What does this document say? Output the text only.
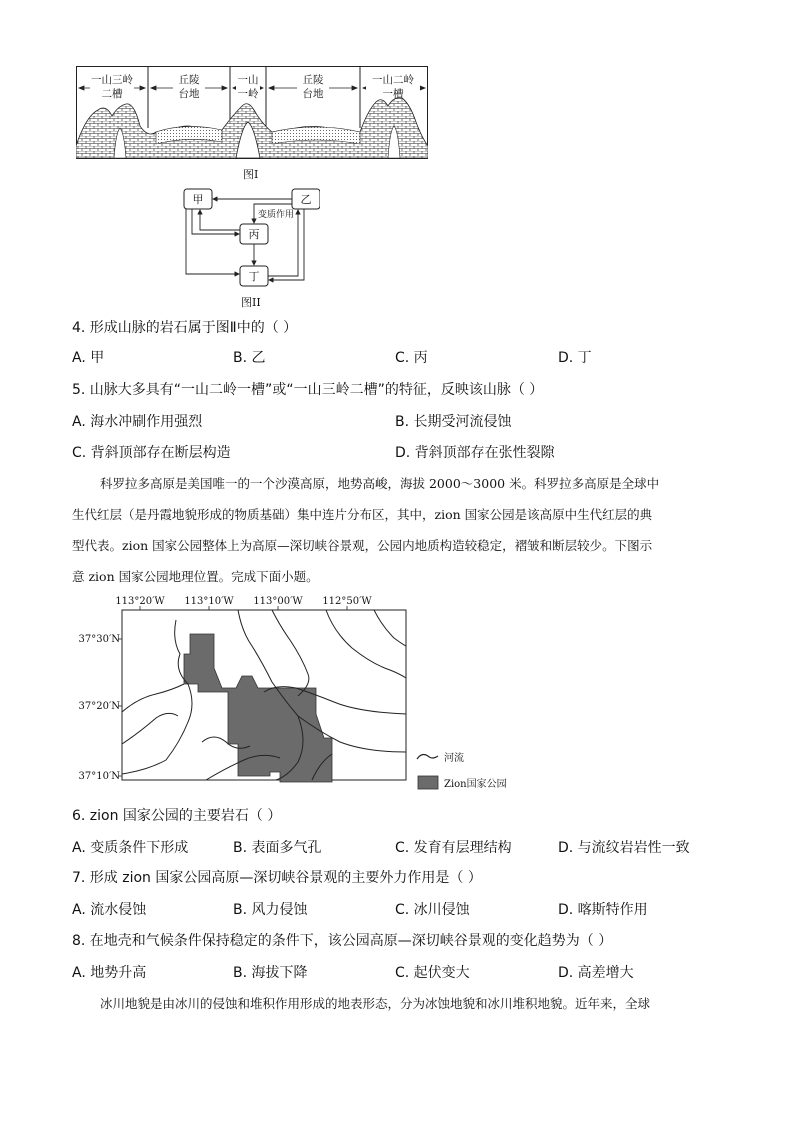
一山三岭
二槽
丘陵
台地
一山
一岭
丘陵
台地
一山二岭
一槽
图I
甲	乙
丙
丁
变质作用
图II
4. 形成山脉的岩石属于图Ⅱ中的（ ）
A. 甲	B. 乙	C. 丙	D. 丁
5. 山脉大多具有“一山二岭一槽”或“一山三岭二槽”的特征，反映该山脉（ ）
A. 海水冲刷作用强烈	B. 长期受河流侵蚀
C. 背斜顶部存在断层构造	D. 背斜顶部存在张性裂隙
科罗拉多高原是美国唯一的一个沙漠高原，地势高峻，海拔 2000～3000 米。科罗拉多高原是全球中
生代红层（是丹霞地貌形成的物质基础）集中连片分布区，其中，zion 国家公园是该高原中生代红层的典
型代表。zion 国家公园整体上为高原—深切峡谷景观，公园内地质构造较稳定，褶皱和断层较少。下图示
意 zion 国家公园地理位置。完成下面小题。
113°20′W 113°10′W 113°00′W 112°50′W
37°30′N
37°20′N
37°10′N
河流
Zion国家公园
6. zion 国家公园的主要岩石（ ）
A. 变质条件下形成	B. 表面多气孔	C. 发育有层理结构	D. 与流纹岩岩性一致
7. 形成 zion 国家公园高原—深切峡谷景观的主要外力作用是（ ）
A. 流水侵蚀	B. 风力侵蚀	C. 冰川侵蚀	D. 喀斯特作用
8. 在地壳和气候条件保持稳定的条件下，该公园高原—深切峡谷景观的变化趋势为（ ）
A. 地势升高	B. 海拔下降	C. 起伏变大	D. 高差增大
冰川地貌是由冰川的侵蚀和堆积作用形成的地表形态，分为冰蚀地貌和冰川堆积地貌。近年来，全球
